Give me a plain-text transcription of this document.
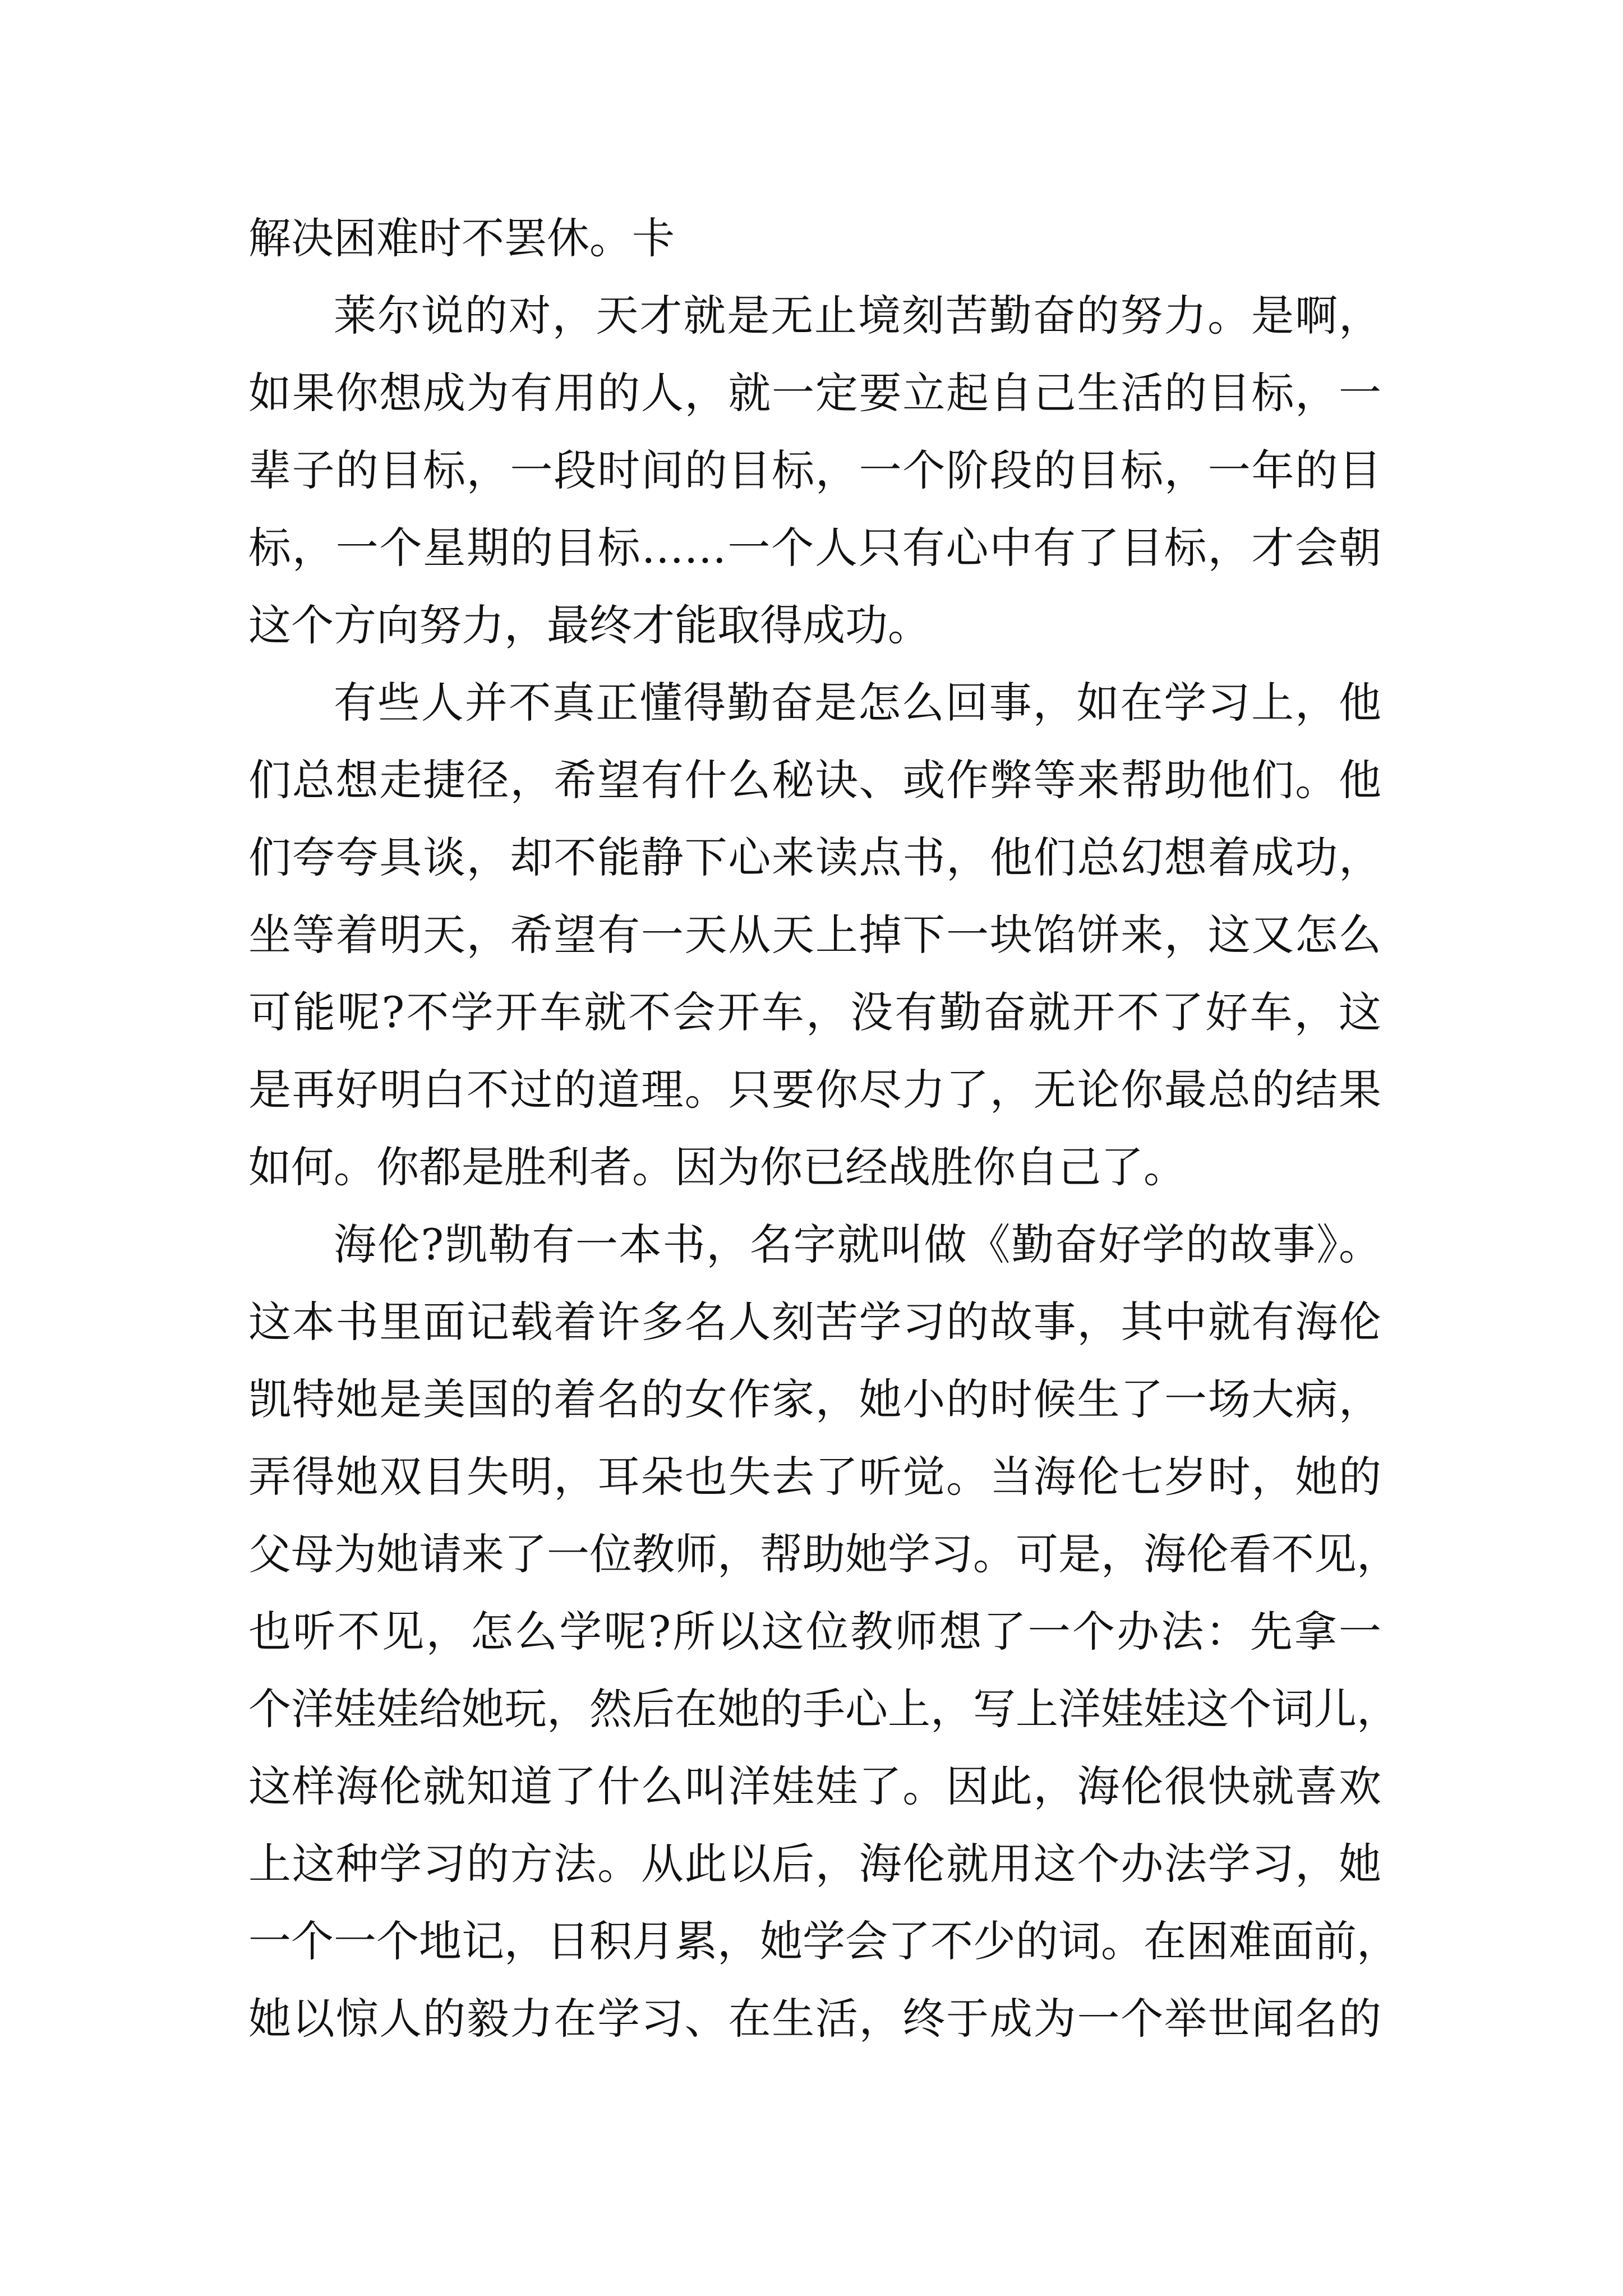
解决困难时不罢休。卡
莱尔说的对，天才就是无止境刻苦勤奋的努力。是啊，
如果你想成为有用的人，就一定要立起自己生活的目标，一
辈子的目标，一段时间的目标，一个阶段的目标，一年的目
标，一个星期的目标……一个人只有心中有了目标，才会朝
这个方向努力，最终才能取得成功。
有些人并不真正懂得勤奋是怎么回事，如在学习上，他
们总想走捷径，希望有什么秘诀、或作弊等来帮助他们。他
们夸夸具谈，却不能静下心来读点书，他们总幻想着成功，
坐等着明天，希望有一天从天上掉下一块馅饼来，这又怎么
可能呢?不学开车就不会开车，没有勤奋就开不了好车，这
是再好明白不过的道理。只要你尽力了，无论你最总的结果
如何。你都是胜利者。因为你已经战胜你自己了。
海伦?凯勒有一本书，名字就叫做《勤奋好学的故事》。
这本书里面记载着许多名人刻苦学习的故事，其中就有海伦
凯特她是美国的着名的女作家，她小的时候生了一场大病，
弄得她双目失明，耳朵也失去了听觉。当海伦七岁时，她的
父母为她请来了一位教师，帮助她学习。可是，海伦看不见，
也听不见，怎么学呢?所以这位教师想了一个办法：先拿一
个洋娃娃给她玩，然后在她的手心上，写上洋娃娃这个词儿，
这样海伦就知道了什么叫洋娃娃了。因此，海伦很快就喜欢
上这种学习的方法。从此以后，海伦就用这个办法学习，她
一个一个地记，日积月累，她学会了不少的词。在困难面前，
她以惊人的毅力在学习、在生活，终于成为一个举世闻名的
